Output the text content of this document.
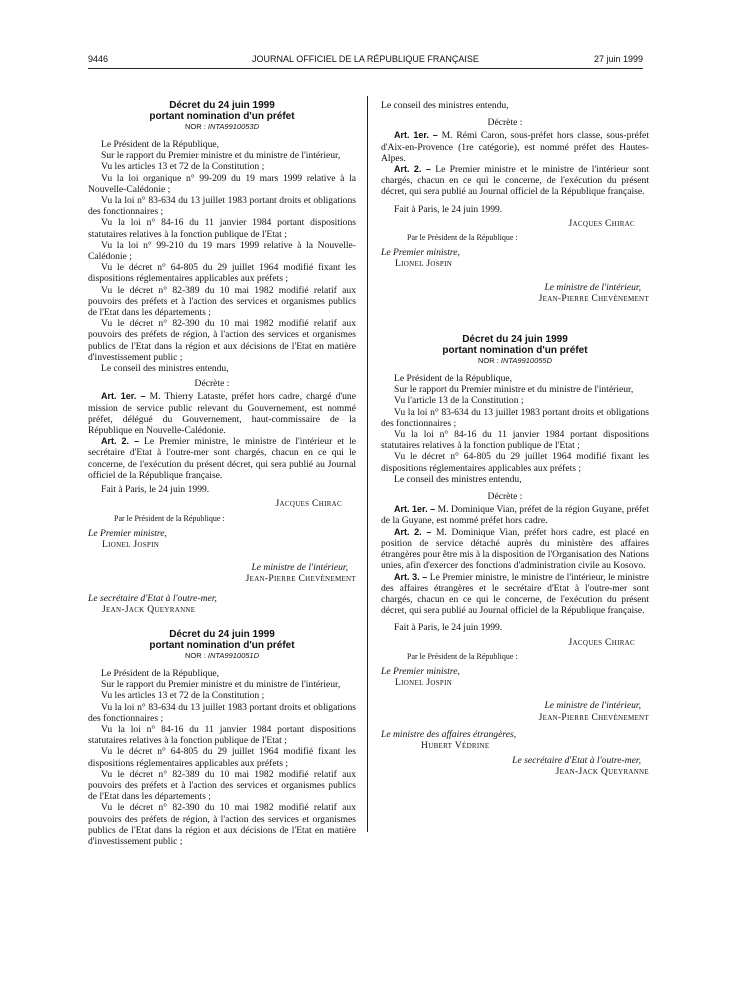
9446	JOURNAL OFFICIEL DE LA RÉPUBLIQUE FRANÇAISE	27 juin 1999
Décret du 24 juin 1999
portant nomination d'un préfet
NOR : INTA9910053D

Le Président de la République,

Sur le rapport du Premier ministre et du ministre de l'intérieur,

Vu les articles 13 et 72 de la Constitution ;

Vu la loi organique n° 99-209 du 19 mars 1999 relative à la Nouvelle-Calédonie ;

Vu la loi n° 83-634 du 13 juillet 1983 portant droits et obligations des fonctionnaires ;

Vu la loi n° 84-16 du 11 janvier 1984 portant dispositions statutaires relatives à la fonction publique de l'Etat ;

Vu la loi n° 99-210 du 19 mars 1999 relative à la Nouvelle-Calédonie ;

Vu le décret n° 64-805 du 29 juillet 1964 modifié fixant les dispositions réglementaires applicables aux préfets ;

Vu le décret n° 82-389 du 10 mai 1982 modifié relatif aux pouvoirs des préfets et à l'action des services et organismes publics de l'Etat dans les départements ;

Vu le décret n° 82-390 du 10 mai 1982 modifié relatif aux pouvoirs des préfets de région, à l'action des services et organismes publics de l'Etat dans la région et aux décisions de l'Etat en matière d'investissement public ;

Le conseil des ministres entendu,

Décrète :

Art. 1er. – M. Thierry Lataste, préfet hors cadre, chargé d'une mission de service public relevant du Gouvernement, est nommé préfet, délégué du Gouvernement, haut-commissaire de la République en Nouvelle-Calédonie.

Art. 2. – Le Premier ministre, le ministre de l'intérieur et le secrétaire d'Etat à l'outre-mer sont chargés, chacun en ce qui le concerne, de l'exécution du présent décret, qui sera publié au Journal officiel de la République française.

Fait à Paris, le 24 juin 1999.

Jacques Chirac

Par le Président de la République :

Le Premier ministre,

Lionel Jospin

Le ministre de l'intérieur,

Jean-Pierre Chevènement

Le secrétaire d'Etat à l'outre-mer,

Jean-Jack Queyranne

Décret du 24 juin 1999
portant nomination d'un préfet
NOR : INTA9910051D

Le Président de la République,

Sur le rapport du Premier ministre et du ministre de l'intérieur,

Vu les articles 13 et 72 de la Constitution ;

Vu la loi n° 83-634 du 13 juillet 1983 portant droits et obligations des fonctionnaires ;

Vu la loi n° 84-16 du 11 janvier 1984 portant dispositions statutaires relatives à la fonction publique de l'Etat ;

Vu le décret n° 64-805 du 29 juillet 1964 modifié fixant les dispositions réglementaires applicables aux préfets ;

Vu le décret n° 82-389 du 10 mai 1982 modifié relatif aux pouvoirs des préfets et à l'action des services et organismes publics de l'Etat dans les départements ;

Vu le décret n° 82-390 du 10 mai 1982 modifié relatif aux pouvoirs des préfets de région, à l'action des services et organismes publics de l'Etat dans la région et aux décisions de l'Etat en matière d'investissement public ;

Le conseil des ministres entendu,

Décrète :

Art. 1er. – M. Rémi Caron, sous-préfet hors classe, sous-préfet d'Aix-en-Provence (1re catégorie), est nommé préfet des Hautes-Alpes.

Art. 2. – Le Premier ministre et le ministre de l'intérieur sont chargés, chacun en ce qui le concerne, de l'exécution du présent décret, qui sera publié au Journal officiel de la République française.

Fait à Paris, le 24 juin 1999.

Jacques Chirac

Par le Président de la République :

Le Premier ministre,

Lionel Jospin

Le ministre de l'intérieur,

Jean-Pierre Chevènement

Décret du 24 juin 1999
portant nomination d'un préfet
NOR : INTA9910055D

Le Président de la République,

Sur le rapport du Premier ministre et du ministre de l'intérieur,

Vu l'article 13 de la Constitution ;

Vu la loi n° 83-634 du 13 juillet 1983 portant droits et obligations des fonctionnaires ;

Vu la loi n° 84-16 du 11 janvier 1984 portant dispositions statutaires relatives à la fonction publique de l'Etat ;

Vu le décret n° 64-805 du 29 juillet 1964 modifié fixant les dispositions réglementaires applicables aux préfets ;

Le conseil des ministres entendu,

Décrète :

Art. 1er. – M. Dominique Vian, préfet de la région Guyane, préfet de la Guyane, est nommé préfet hors cadre.

Art. 2. – M. Dominique Vian, préfet hors cadre, est placé en position de service détaché auprès du ministère des affaires étrangères pour être mis à la disposition de l'Organisation des Nations unies, afin d'exercer des fonctions d'administration civile au Kosovo.

Art. 3. – Le Premier ministre, le ministre de l'intérieur, le ministre des affaires étrangères et le secrétaire d'Etat à l'outre-mer sont chargés, chacun en ce qui le concerne, de l'exécution du présent décret, qui sera publié au Journal officiel de la République française.

Fait à Paris, le 24 juin 1999.

Jacques Chirac

Par le Président de la République :

Le Premier ministre,

Lionel Jospin

Le ministre de l'intérieur,

Jean-Pierre Chevènement

Le ministre des affaires étrangères,

Hubert Védrine

Le secrétaire d'Etat à l'outre-mer,

Jean-Jack Queyranne
